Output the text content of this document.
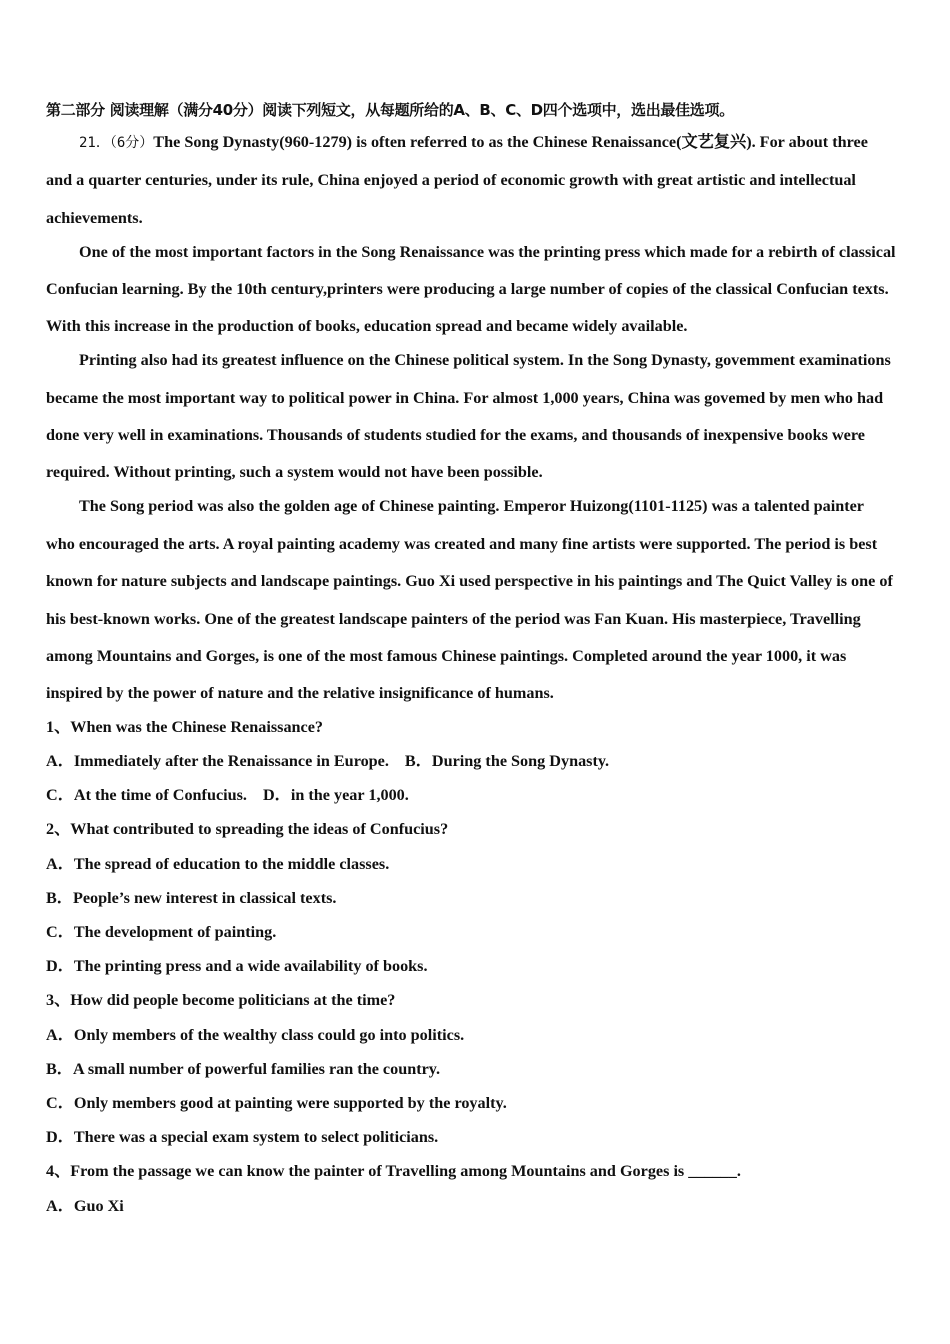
第二部分 阅读理解（满分40分）阅读下列短文，从每题所给的A、B、C、D四个选项中，选出最佳选项。

21．（6分）The Song Dynasty(960-1279) is often referred to as the Chinese Renaissance(文艺复兴). For about three and a quarter centuries, under its rule, China enjoyed a period of economic growth with great artistic and intellectual achievements.

One of the most important factors in the Song Renaissance was the printing press which made for a rebirth of classical Confucian learning. By the 10th century,printers were producing a large number of copies of the classical Confucian texts. With this increase in the production of books, education spread and became widely available.

Printing also had its greatest influence on the Chinese political system. In the Song Dynasty, govemment examinations became the most important way to political power in China. For almost 1,000 years, China was govemed by men who had done very well in examinations. Thousands of students studied for the exams, and thousands of inexpensive books were required. Without printing, such a system would not have been possible.

The Song period was also the golden age of Chinese painting. Emperor Huizong(1101-1125) was a talented painter who encouraged the arts. A royal painting academy was created and many fine artists were supported. The period is best known for nature subjects and landscape paintings. Guo Xi used perspective in his paintings and The Quict Valley is one of his best-known works. One of the greatest landscape painters of the period was Fan Kuan. His masterpiece, Travelling among Mountains and Gorges, is one of the most famous Chinese paintings. Completed around the year 1000, it was inspired by the power of nature and the relative insignificance of humans.

1、When was the Chinese Renaissance?

A．Immediately after the Renaissance in Europe. B．During the Song Dynasty.

C．At the time of Confucius. D．in the year 1,000.

2、What contributed to spreading the ideas of Confucius?

A．The spread of education to the middle classes.

B．People’s new interest in classical texts.

C．The development of painting.

D．The printing press and a wide availability of books.

3、How did people become politicians at the time?

A．Only members of the wealthy class could go into politics.

B．A small number of powerful families ran the country.

C．Only members good at painting were supported by the royalty.

D．There was a special exam system to select politicians.

4、From the passage we can know the painter of Travelling among Mountains and Gorges is ______.

A．Guo Xi
